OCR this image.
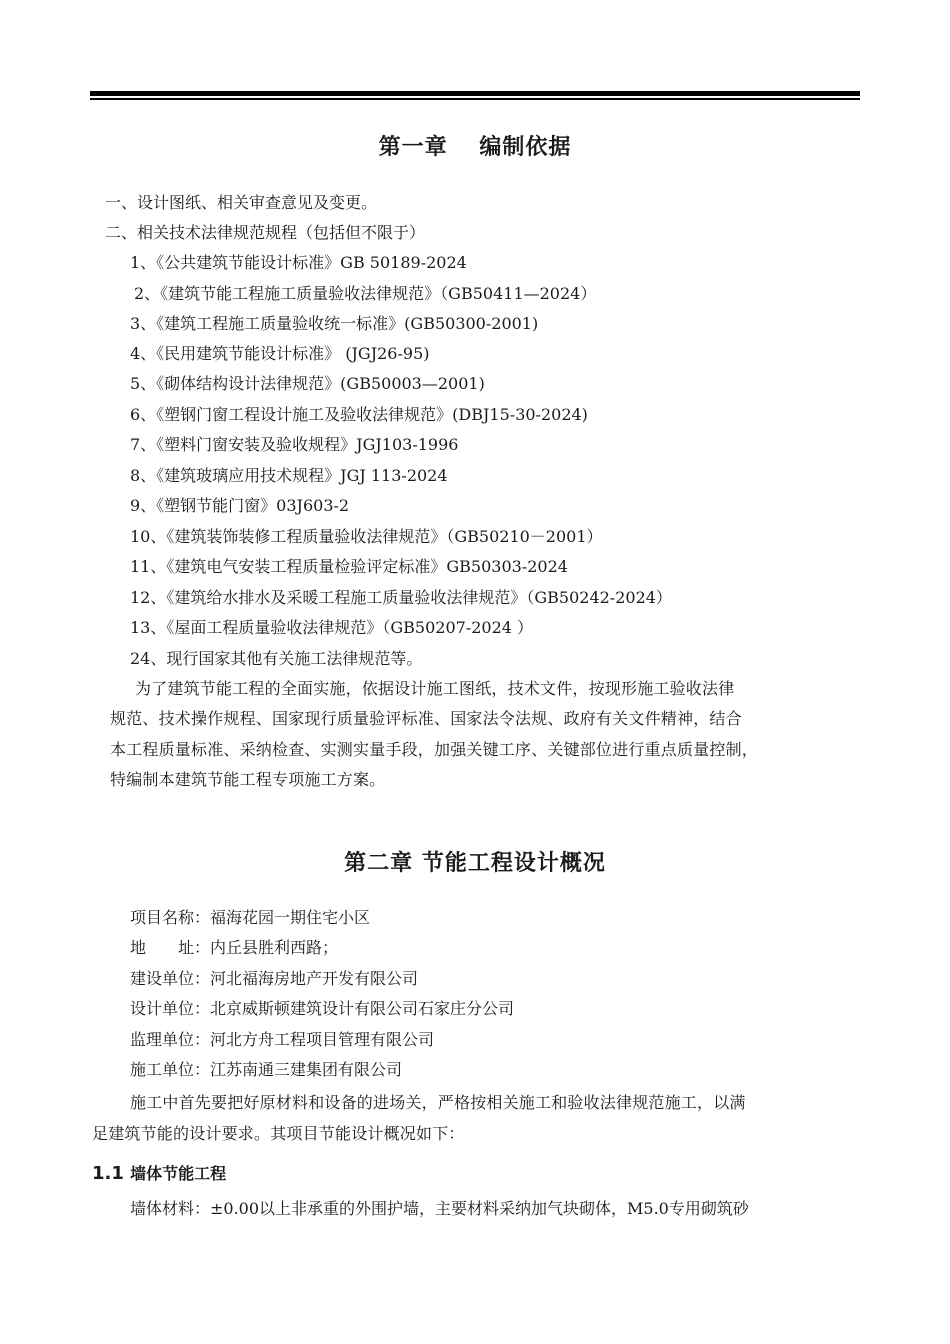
第一章　 编制依据
一、设计图纸、相关审查意见及变更。
二、相关技术法律规范规程（包括但不限于）
1、《公共建筑节能设计标准》GB 50189-2024
2、《建筑节能工程施工质量验收法律规范》（GB50411—2024）
3、《建筑工程施工质量验收统一标准》(GB50300-2001)
4、《民用建筑节能设计标准》 (JGJ26-95)
5、《砌体结构设计法律规范》(GB50003—2001)
6、《塑钢门窗工程设计施工及验收法律规范》(DBJ15-30-2024)
7、《塑料门窗安装及验收规程》JGJ103-1996
8、《建筑玻璃应用技术规程》JGJ 113-2024
9、《塑钢节能门窗》03J603-2
10、《建筑装饰装修工程质量验收法律规范》（GB50210－2001）
11、《建筑电气安装工程质量检验评定标准》GB50303-2024
12、《建筑给水排水及采暖工程施工质量验收法律规范》（GB50242-2024）
13、《屋面工程质量验收法律规范》（GB50207-2024 ）
24、现行国家其他有关施工法律规范等。
为了建筑节能工程的全面实施，依据设计施工图纸，技术文件，按现形施工验收法律
规范、技术操作规程、国家现行质量验评标准、国家法令法规、政府有关文件精神，结合
本工程质量标准、采纳检查、实测实量手段，加强关键工序、关键部位进行重点质量控制，
特编制本建筑节能工程专项施工方案。
第二章 节能工程设计概况
项目名称：福海花园一期住宅小区
地　　址：内丘县胜利西路；
建设单位：河北福海房地产开发有限公司
设计单位：北京威斯顿建筑设计有限公司石家庄分公司
监理单位：河北方舟工程项目管理有限公司
施工单位：江苏南通三建集团有限公司
施工中首先要把好原材料和设备的进场关，严格按相关施工和验收法律规范施工，以满
足建筑节能的设计要求。其项目节能设计概况如下：
1.1 墙体节能工程
墙体材料：±0.00以上非承重的外围护墙，主要材料采纳加气块砌体，M5.0专用砌筑砂
